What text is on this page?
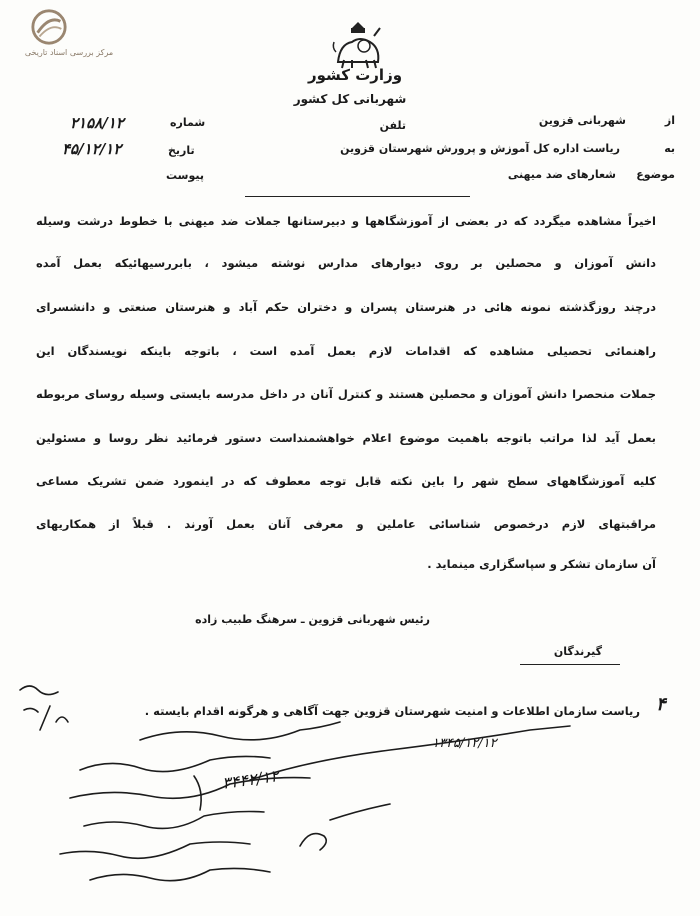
مرکز بررسی اسناد تاریخی
وزارت کشور
شهربانی کل کشور
۲۱۵۸/۱۲	شماره
۴۵/۱۲/۱۲	تاریخ
پیوست
از
شهربانی قزوین
تلفن
به
ریاست اداره کل آموزش و پرورش شهرستان قزوین
موضوع
شعارهای ضد میهنی
اخیراً مشاهده میگردد که در بعضی از آموزشگاهها و دبیرستانها جملات ضد میهنی با خطوط درشت وسیله
دانش آموزان و محصلین بر روی دیوارهای مدارس نوشته میشود ، بابررسیهائیکه بعمل آمده
درچند روزگذشته نمونه هائی در هنرستان پسران و دختران حکم آباد و هنرستان صنعتی و دانشسرای
راهنمائی تحصیلی مشاهده که اقدامات لازم بعمل آمده است ، باتوجه باینکه نویسندگان این
جملات منحصرا دانش آموزان و محصلین هستند و کنترل آنان در داخل مدرسه بایستی وسیله روسای مربوطه
بعمل آید لذا مراتب باتوجه باهمیت موضوع اعلام خواهشمنداست دستور فرمائید نظر روسا و مسئولین
کلیه آموزشگاههای سطح شهر را باین نکته قابل توجه معطوف که در اینمورد ضمن تشریک مساعی
مراقبتهای لازم درخصوص شناسائی عاملین و معرفی آنان بعمل آورند . قبلاً از همکاریهای
آن سازمان تشکر و سپاسگزاری مینماید .
رئیس شهربانی قزوین ـ سرهنگ طبیب زاده
گیرندگان
۴
ریاست سازمان اطلاعات و امنیت شهرستان قزوین جهت آگاهی و هرگونه اقدام بایسته .
۱۳۴۵/۱۲/۱۲
۳۴۴۲/۱۲
